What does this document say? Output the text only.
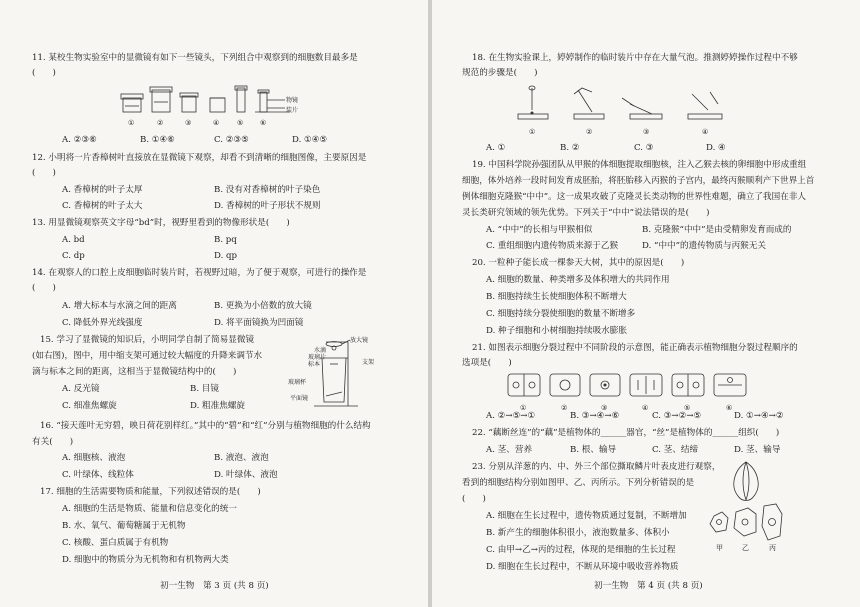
11. 某校生物实验室中的显微镜有如下一些镜头，下列组合中观察到的细胞数目最多是
(　　)
物镜
装片
①	②	③	④	⑤ ⑥
A. ②③⑥	B. ①④⑥	C. ②③⑤	D. ①④⑤
12. 小明将一片香樟树叶直接放在显微镜下观察，却看不到清晰的细胞图像，主要原因是
(　　)
A. 香樟树的叶子太厚	B. 没有对香樟树的叶子染色
C. 香樟树的叶子太大	D. 香樟树的叶子形状不规则
13. 用显微镜观察英文字母“bd”时，视野里看到的物像形状是(　　)
A. bd	B. pq
C. dp	D. qp
14. 在观察人的口腔上皮细胞临时装片时，若视野过暗，为了便于观察，可进行的操作是
(　　)
A. 增大标本与水滴之间的距离	B. 更换为小倍数的放大镜
C. 降低外界光线强度	D. 将平面镜换为凹面镜
15. 学习了显微镜的知识后，小明同学自制了简易显微镜
(如右图)，图中，用中缩支架可通过较大幅度的升降来调节水
滴与标本之间的距离，这相当于显微镜结构中的(　　)
A. 反光镜	B. 目镜
C. 细准焦螺旋	D. 粗准焦螺旋
放大镜
水滴
玻璃片
标本	支架
玻璃杯
平面镜
16. “接天莲叶无穷碧，映日荷花别样红。”其中的“碧”和“红”分别与植物细胞的什么结构
有关(　　)
A. 细胞核、液泡	B. 液泡、液泡
C. 叶绿体、线粒体	D. 叶绿体、液泡
17. 细胞的生活需要物质和能量，下列叙述错误的是(　　)
A. 细胞的生活是物质、能量和信息变化的统一
B. 水、氧气、葡萄糖属于无机物
C. 核酸、蛋白质属于有机物
D. 细胞中的物质分为无机物和有机物两大类
初一生物　第 3 页 (共 8 页)
18. 在生物实验课上，婷婷制作的临时装片中存在大量气泡。推测婷婷操作过程中不够
规范的步骤是(　　)
①	②	③	④
A. ①	B. ②	C. ③	D. ④
19. 中国科学院孙强团队从甲猴的体细胞提取细胞核，注入乙猴去核的卵细胞中形成重组
细胞，体外培养一段时间发育成胚胎，将胚胎移入丙猴的子宫内，最终丙猴顺利产下世界上首
例体细胞克隆猴“中中”。这一成果攻破了克隆灵长类动物的世界性难题，确立了我国在非人
灵长类研究领域的领先优势。下列关于“中中”说法错误的是(　　)
A. “中中”的长相与甲猴相似	B. 克隆猴“中中”是由受精卵发育而成的
C. 重组细胞内遗传物质来源于乙猴	D. “中中”的遗传物质与丙猴无关
20. 一粒种子能长成一棵参天大树，其中的原因是(　　)
A. 细胞的数量、种类增多及体积增大的共同作用
B. 细胞持续生长使细胞体积不断增大
C. 细胞持续分裂使细胞的数量不断增多
D. 种子细胞和小树细胞持续吸水膨胀
21. 如图表示细胞分裂过程中不同阶段的示意图，能正确表示植物细胞分裂过程顺序的
选项是(　　)
①	②	③	④	⑤	⑥
A. ②→⑤→①	B. ③→④→⑥	C. ③→②→⑤	D. ①→④→②
22. “藕断丝连”的“藕”是植物体的______器官，“丝”是植物体的______组织(　　)
A. 茎、营养	B. 根、输导	C. 茎、结缔	D. 茎、输导
23. 分别从洋葱的内、中、外三个部位撕取鳞片叶表皮进行观察，
看到的细胞结构分别如图甲、乙、丙所示。下列分析错误的是
(　　)
A. 细胞在生长过程中，遗传物质通过复制，不断增加
B. 新产生的细胞体积很小，液泡数量多、体积小
C. 由甲→乙→丙的过程，体现的是细胞的生长过程
D. 细胞在生长过程中，不断从环境中吸收营养物质
甲	乙	丙
初一生物　第 4 页 (共 8 页)
